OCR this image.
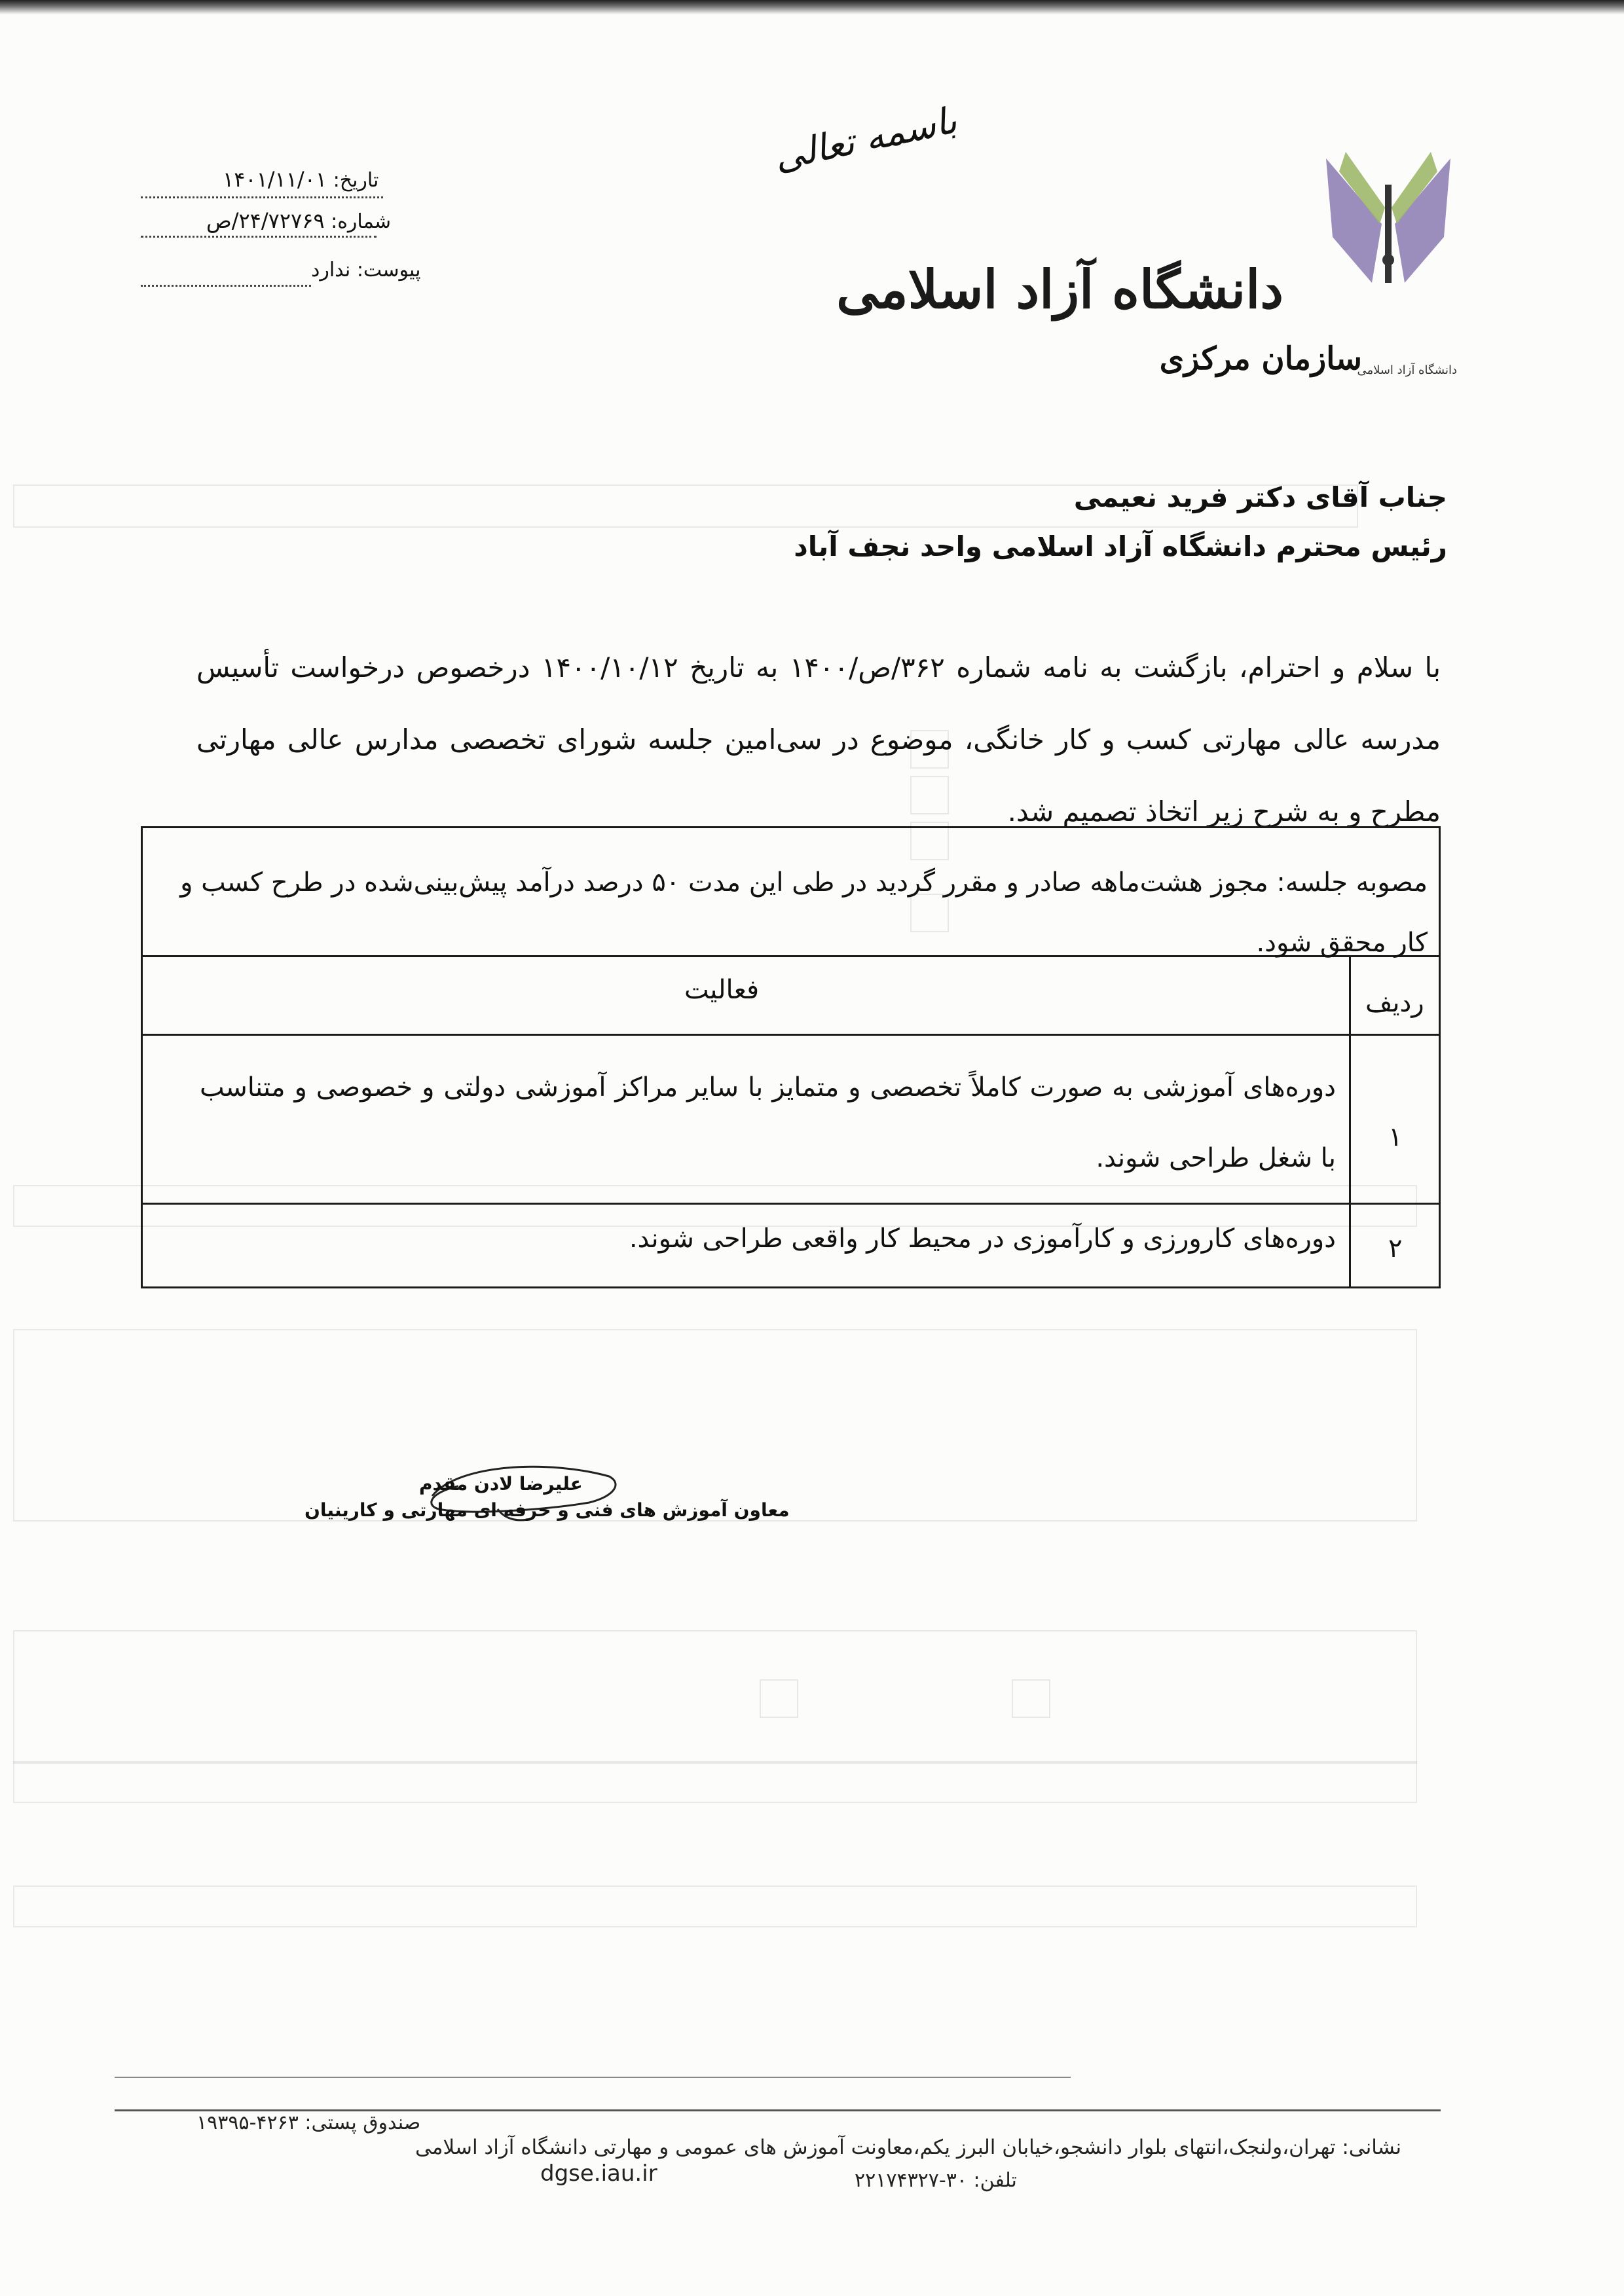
دانشگاه آزاد اسلامی
دانشگاه آزاد اسلامی
سازمان مرکزی
باسمه تعالی
تاریخ: ۱۴۰۱/۱۱/۰۱
شماره: ۲۴/۷۲۷۶۹/ص
پیوست: ندارد
جناب آقای دکتر فرید نعیمی
رئیس محترم دانشگاه آزاد اسلامی واحد نجف آباد
با سلام و احترام، بازگشت به نامه شماره ۳۶۲/ص/۱۴۰۰ به تاریخ ۱۴۰۰/۱۰/۱۲ درخصوص درخواست تأسیس مدرسه عالی مهارتی کسب و کار خانگی، موضوع در سی‌امین جلسه شورای تخصصی مدارس عالی مهارتی مطرح و به شرح زیر اتخاذ تصمیم شد.
مصوبه جلسه: مجوز هشت‌ماهه صادر و مقرر گردید در طی این مدت ۵۰ درصد درآمد پیش‌بینی‌شده در طرح کسب و کار محقق شود.
فعالیت	ردیف
دوره‌های آموزشی به صورت کاملاً تخصصی و متمایز با سایر مراکز آموزشی دولتی و خصوصی و متناسب با شغل طراحی شوند.
۱
دوره‌های کارورزی و کارآموزی در محیط کار واقعی طراحی شوند. ۲
علیرضا لادن مقدم
معاون آموزش های فنی و حرفه ای مهارتی و کارینیان
صندوق پستی: ۴۲۶۳-۱۹۳۹۵
نشانی: تهران،ولنجک،انتهای بلوار دانشجو،خیابان البرز یکم،معاونت آموزش های عمومی و مهارتی دانشگاه آزاد اسلامی
dgse.iau.ir	تلفن: ۳۰-۲۲۱۷۴۳۲۷
